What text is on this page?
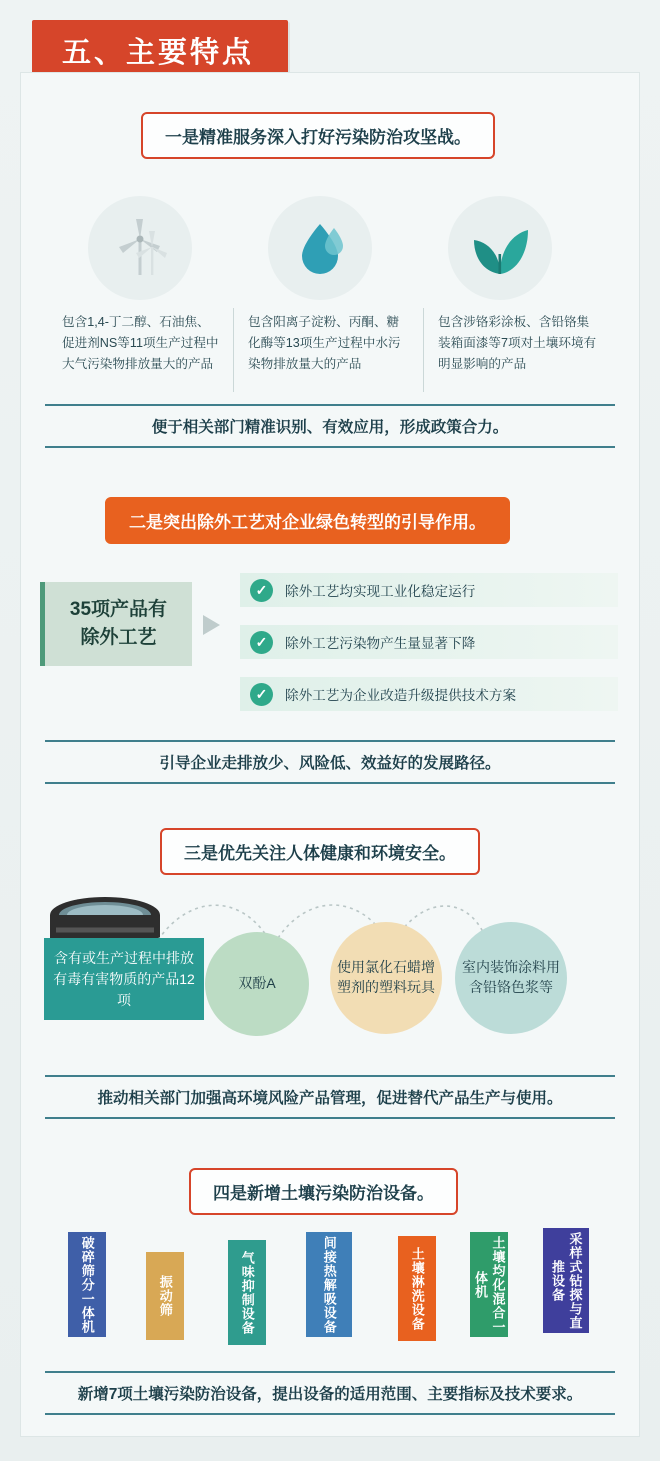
五、主要特点
一是精准服务深入打好污染防治攻坚战。
包含1,4-丁二醇、石油焦、促进剂NS等11项生产过程中大气污染物排放量大的产品
包含阳离子淀粉、丙酮、糖化酶等13项生产过程中水污染物排放量大的产品
包含涉铬彩涂板、含铅铬集装箱面漆等7项对土壤环境有明显影响的产品
便于相关部门精准识别、有效应用，形成政策合力。
二是突出除外工艺对企业绿色转型的引导作用。
35项产品有
除外工艺
✓	除外工艺均实现工业化稳定运行
✓	除外工艺污染物产生量显著下降
✓	除外工艺为企业改造升级提供技术方案
引导企业走排放少、风险低、效益好的发展路径。
三是优先关注人体健康和环境安全。
含有或生产过程中排放有毒有害物质的产品12项
双酚A
使用氯化石蜡增塑剂的塑料玩具
室内装饰涂料用含铅铬色浆等
推动相关部门加强高环境风险产品管理，促进替代产品生产与使用。
四是新增土壤污染防治设备。
破碎筛分一体机	振动筛	气味抑制设备	间接热解吸设备	土壤淋洗设备	土壤均化混合一体机	采样式钻探与直推设备
新增7项土壤污染防治设备，提出设备的适用范围、主要指标及技术要求。
